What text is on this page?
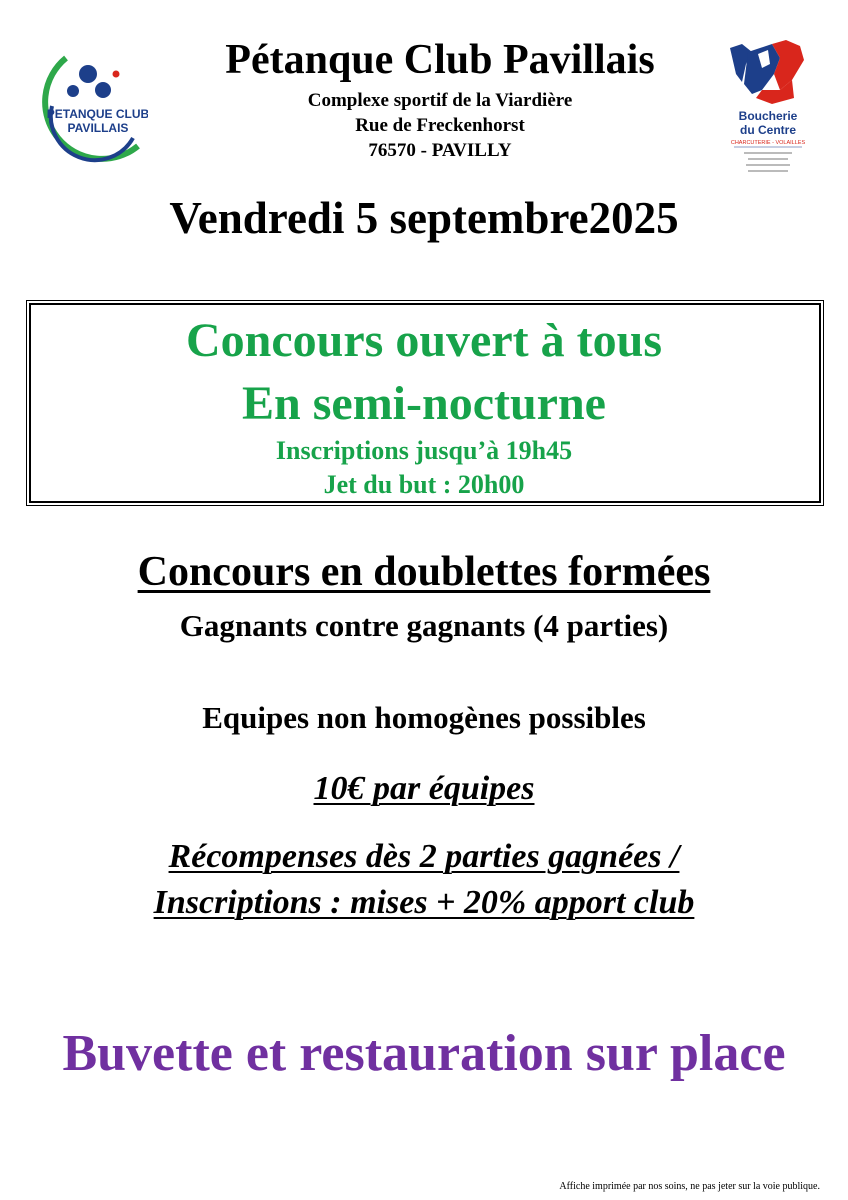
PETANQUE CLUB
PAVILLAIS
Boucherie
du Centre
CHARCUTERIE - VOLAILLES
Pétanque Club Pavillais
Complexe sportif de la Viardière
Rue de Freckenhorst
76570 - PAVILLY
Vendredi 5 septembre2025
Concours ouvert à tous
En semi-nocturne
Inscriptions jusqu’à 19h45
Jet du but : 20h00
Concours en doublettes formées
Gagnants contre gagnants (4 parties)
Equipes non homogènes possibles
10€ par équipes
Récompenses dès 2 parties gagnées /
Inscriptions : mises + 20% apport club
Buvette et restauration sur place
Affiche imprimée par nos soins, ne pas jeter sur la voie publique.
